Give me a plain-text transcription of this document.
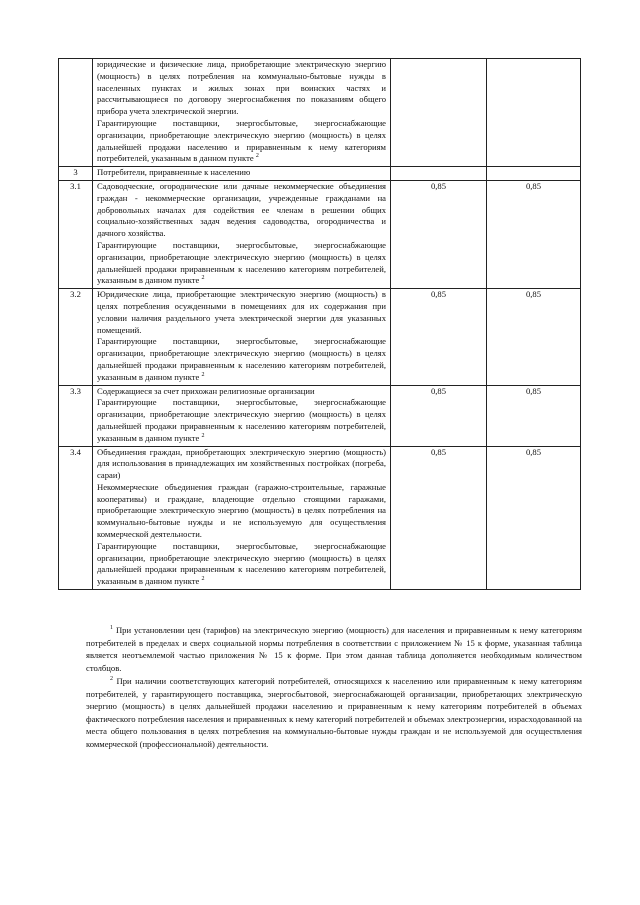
	юридические и физические лица, приобретающие электрическую энергию (мощность) в целях потребления на коммунально-бытовые нужды в населенных пунктах и жилых зонах при воинских частях и рассчитывающиеся по договору энергоснабжения по показаниям общего прибора учета электрической энергии.
Гарантирующие поставщики, энергосбытовые, энергоснабжающие организации, приобретающие электрическую энергию (мощность) в целях дальнейшей продажи населению и приравненным к нему категориям потребителей, указанным в данном пункте $^2$

3	Потребители, приравненные к населению		

3.1	Садоводческие, огороднические или дачные некоммерческие объединения граждан - некоммерческие организации, учрежденные гражданами на добровольных началах для содействия ее членам в решении общих социально-хозяйственных задач ведения садоводства, огородничества и дачного хозяйства.
Гарантирующие поставщики, энергосбытовые, энергоснабжающие организации, приобретающие электрическую энергию (мощность) в целях дальнейшей продажи приравненным к населению категориям потребителей, указанным в данном пункте $^2$	0,85	0,85
3.2	Юридические лица, приобретающие электрическую энергию (мощность) в целях потребления осужденными в помещениях для их содержания при условии наличия раздельного учета электрической энергии для указанных помещений.
Гарантирующие поставщики, энергосбытовые, энергоснабжающие организации, приобретающие электрическую энергию (мощность) в целях дальнейшей продажи приравненным к населению категориям потребителей, указанным в данном пункте $^2$	0,85	0,85
3.3	Содержащиеся за счет прихожан религиозные организации
Гарантирующие поставщики, энергосбытовые, энергоснабжающие организации, приобретающие электрическую энергию (мощность) в целях дальнейшей продажи приравненным к населению категориям потребителей, указанным в данном пункте $^2$	0,85	0,85
3.4	Объединения граждан, приобретающих электрическую энергию (мощность) для использования в принадлежащих им хозяйственных постройках (погреба, сараи)
Некоммерческие объединения граждан (гаражно-строительные, гаражные кооперативы) и граждане, владеющие отдельно стоящими гаражами, приобретающие электрическую энергию (мощность) в целях потребления на коммунально-бытовые нужды и не используемую для осуществления коммерческой деятельности.
Гарантирующие поставщики, энергосбытовые, энергоснабжающие организации, приобретающие электрическую энергию (мощность) в целях дальнейшей продажи приравненным к населению категориям потребителей, указанным в данном пункте $^2$	0,85	0,85
$^1$ При установлении цен (тарифов) на электрическую энергию (мощность) для населения и приравненным к нему категориям потребителей в пределах и сверх социальной нормы потребления в соответствии с приложением № 15 к форме, указанная таблица является неотъемлемой частью приложения № 15 к форме. При этом данная таблица дополняется необходимым количеством столбцов.
$^2$ При наличии соответствующих категорий потребителей, относящихся к населению или приравненным к нему категориям потребителей, у гарантирующего поставщика, энергосбытовой, энергоснабжающей организации, приобретающих электрическую энергию (мощность) в целях дальнейшей продажи населению и приравненным к нему категориям потребителей в объемах фактического потребления населения и приравненных к нему категорий потребителей и объемах электроэнергии, израсходованной на места общего пользования в целях потребления на коммунально-бытовые нужды граждан и не используемой для осуществления коммерческой (профессиональной) деятельности.
